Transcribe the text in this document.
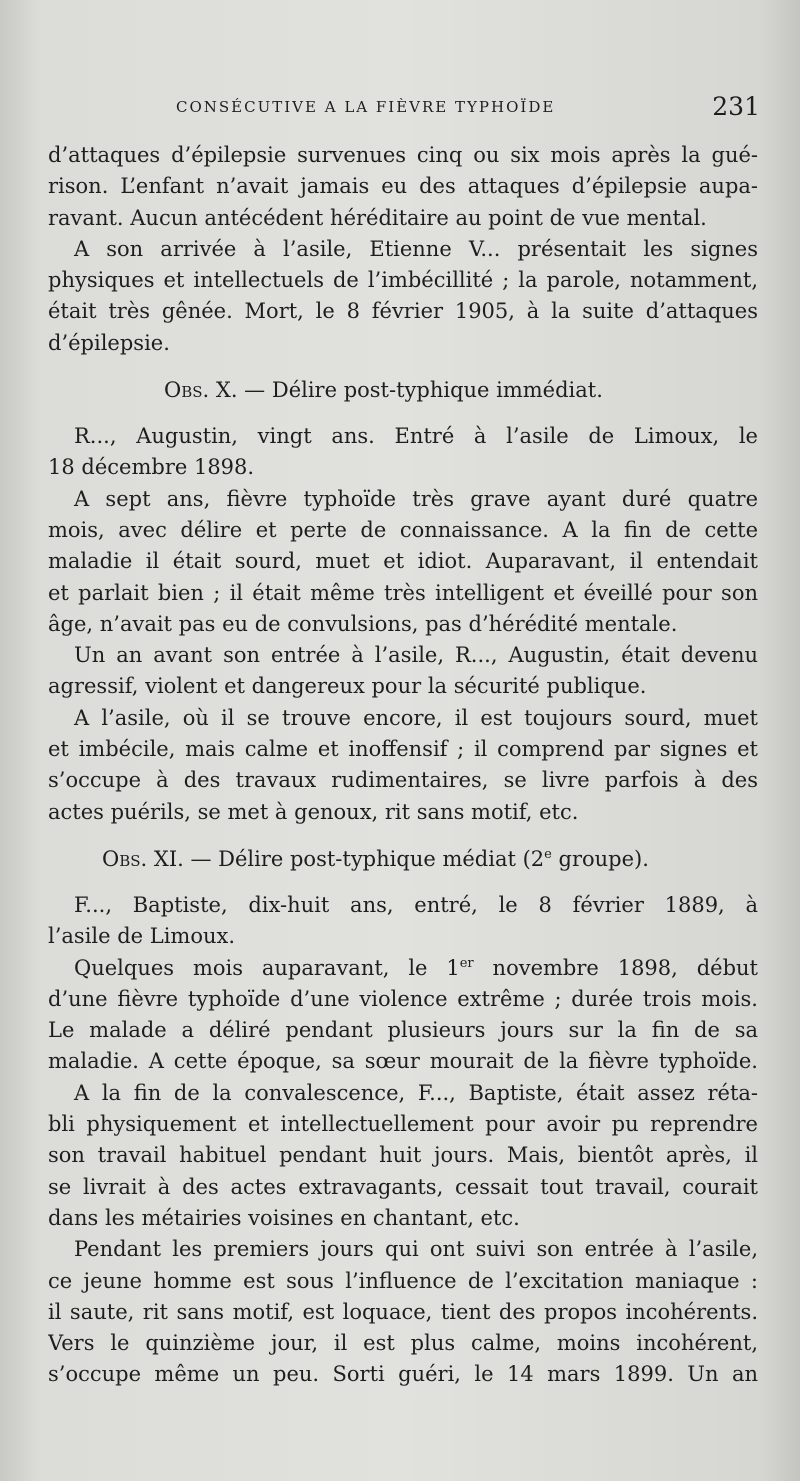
CONSÉCUTIVE A LA FIÈVRE TYPHOÏDE	231
d’attaques d’épilepsie survenues cinq ou six mois après la gué-
rison. L’enfant n’avait jamais eu des attaques d’épilepsie aupa-
ravant. Aucun antécédent héréditaire au point de vue mental.
A son arrivée à l’asile, Etienne V... présentait les signes
physiques et intellectuels de l’imbécillité ; la parole, notamment,
était très gênée. Mort, le 8 février 1905, à la suite d’attaques
d’épilepsie.
Obs. X. — Délire post-typhique immédiat.
R..., Augustin, vingt ans. Entré à l’asile de Limoux, le
18 décembre 1898.
A sept ans, fièvre typhoïde très grave ayant duré quatre
mois, avec délire et perte de connaissance. A la fin de cette
maladie il était sourd, muet et idiot. Auparavant, il entendait
et parlait bien ; il était même très intelligent et éveillé pour son
âge, n’avait pas eu de convulsions, pas d’hérédité mentale.
Un an avant son entrée à l’asile, R..., Augustin, était devenu
agressif, violent et dangereux pour la sécurité publique.
A l’asile, où il se trouve encore, il est toujours sourd, muet
et imbécile, mais calme et inoffensif ; il comprend par signes et
s’occupe à des travaux rudimentaires, se livre parfois à des
actes puérils, se met à genoux, rit sans motif, etc.
Obs. XI. — Délire post-typhique médiat (2e groupe).
F..., Baptiste, dix-huit ans, entré, le 8 février 1889, à
l’asile de Limoux.
Quelques mois auparavant, le 1er novembre 1898, début
d’une fièvre typhoïde d’une violence extrême ; durée trois mois.
Le malade a déliré pendant plusieurs jours sur la fin de sa
maladie. A cette époque, sa sœur mourait de la fièvre typhoïde.
A la fin de la convalescence, F..., Baptiste, était assez réta-
bli physiquement et intellectuellement pour avoir pu reprendre
son travail habituel pendant huit jours. Mais, bientôt après, il
se livrait à des actes extravagants, cessait tout travail, courait
dans les métairies voisines en chantant, etc.
Pendant les premiers jours qui ont suivi son entrée à l’asile,
ce jeune homme est sous l’influence de l’excitation maniaque :
il saute, rit sans motif, est loquace, tient des propos incohérents.
Vers le quinzième jour, il est plus calme, moins incohérent,
s’occupe même un peu. Sorti guéri, le 14 mars 1899. Un an
